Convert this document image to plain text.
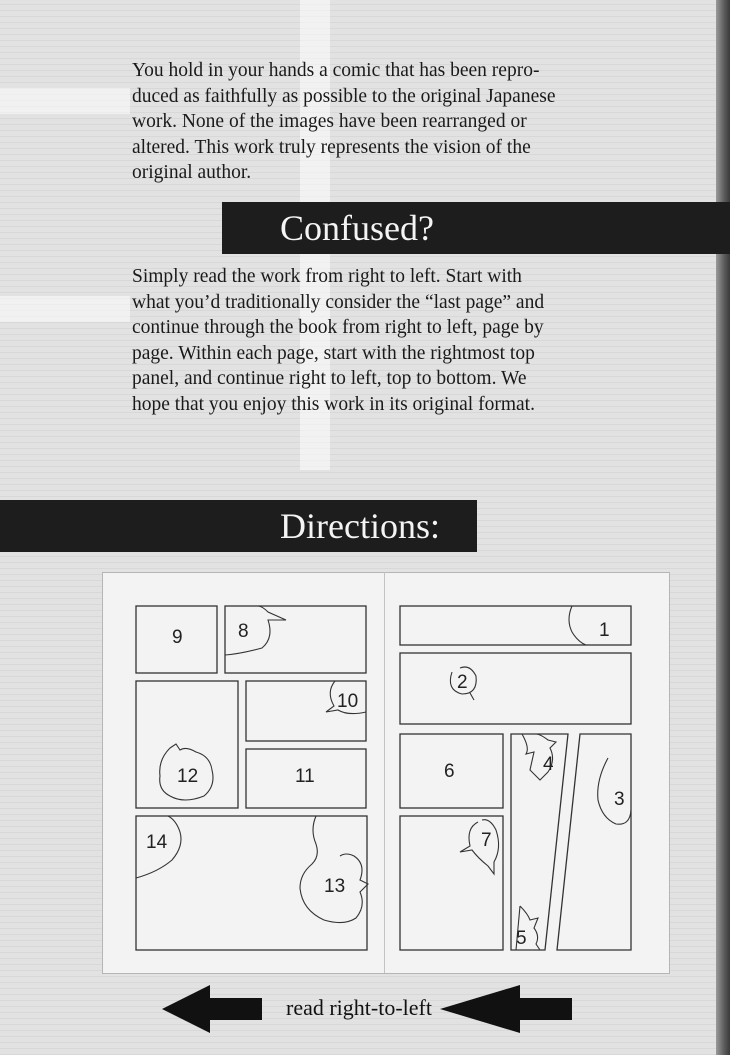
You hold in your hands a comic that has been repro-
duced as faithfully as possible to the original Japanese
work. None of the images have been rearranged or
altered. This work truly represents the vision of the
original author.

Confused?

Simply read the work from right to left. Start with
what you’d traditionally consider the “last page” and
continue through the book from right to left, page by
page. Within each page, start with the rightmost top
panel, and continue right to left, top to bottom. We
hope that you enjoy this work in its original format.

Directions:
1
2
3
4
5
6
7
8
9
10
11
12
13
14
read right-to-left
